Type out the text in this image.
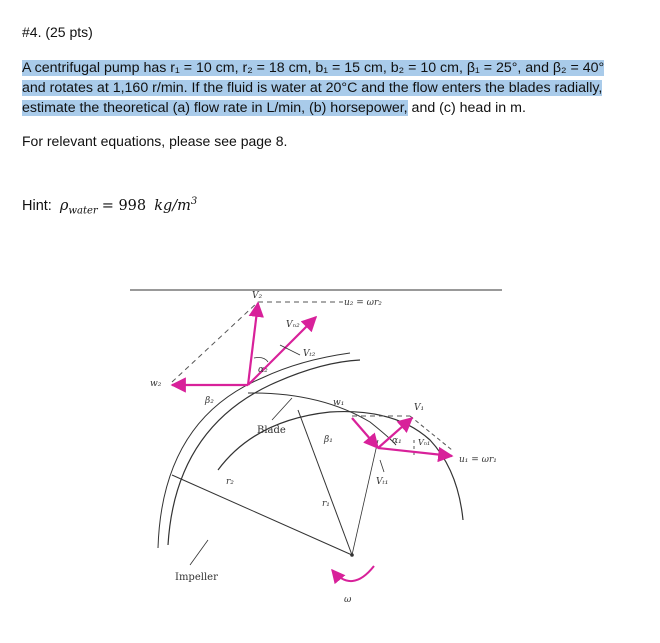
#4. (25 pts)
A centrifugal pump has r₁ = 10 cm, r₂ = 18 cm, b₁ = 15 cm, b₂ = 10 cm, β₁ = 25°, and β₂ = 40°
and rotates at 1,160 r/min. If the fluid is water at 20°C and the flow enters the blades radially,
estimate the theoretical (a) flow rate in L/min, (b) horsepower, and (c) head in m.
For relevant equations, please see page 8.
Hint: $\rho_{water} = 998$ $kg/m^3$
V₂
u₂ = ωr₂
Vₙ₂
Vₜ₂
w₂
α₂
β₂
Blade
w₁	V₁
β₁	α₁ Vₙ₁
u₁ = ωr₁
Vₜ₁
r₂
r₁
Impeller
ω
